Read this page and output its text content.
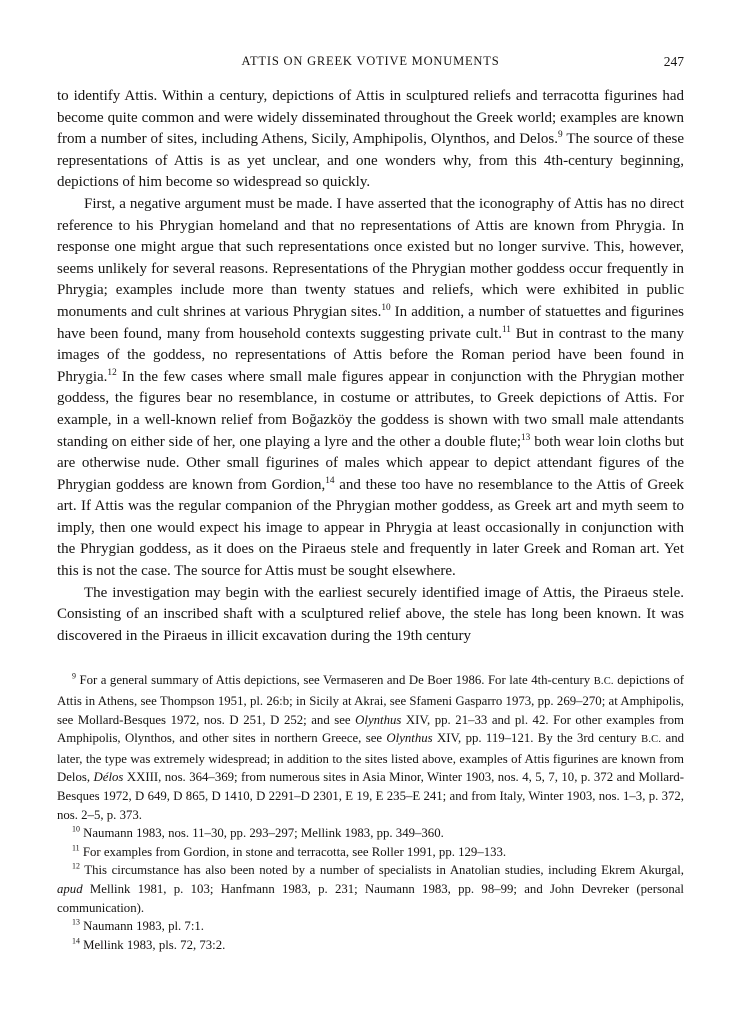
ATTIS ON GREEK VOTIVE MONUMENTS	247

to identify Attis. Within a century, depictions of Attis in sculptured reliefs and terracotta figurines had become quite common and were widely disseminated throughout the Greek world; examples are known from a number of sites, including Athens, Sicily, Amphipolis, Olynthos, and Delos.$^9$ The source of these representations of Attis is as yet unclear, and one wonders why, from this 4th-century beginning, depictions of him become so widespread so quickly.

First, a negative argument must be made. I have asserted that the iconography of Attis has no direct reference to his Phrygian homeland and that no representations of Attis are known from Phrygia. In response one might argue that such representations once existed but no longer survive. This, however, seems unlikely for several reasons. Representations of the Phrygian mother goddess occur frequently in Phrygia; examples include more than twenty statues and reliefs, which were exhibited in public monuments and cult shrines at various Phrygian sites.$^{10}$ In addition, a number of statuettes and figurines have been found, many from household contexts suggesting private cult.$^{11}$ But in contrast to the many images of the goddess, no representations of Attis before the Roman period have been found in Phrygia.$^{12}$ In the few cases where small male figures appear in conjunction with the Phrygian mother goddess, the figures bear no resemblance, in costume or attributes, to Greek depictions of Attis. For example, in a well-known relief from Boğazköy the goddess is shown with two small male attendants standing on either side of her, one playing a lyre and the other a double flute;$^{13}$ both wear loin cloths but are otherwise nude. Other small figurines of males which appear to depict attendant figures of the Phrygian goddess are known from Gordion,$^{14}$ and these too have no resemblance to the Attis of Greek art. If Attis was the regular companion of the Phrygian mother goddess, as Greek art and myth seem to imply, then one would expect his image to appear in Phrygia at least occasionally in conjunction with the Phrygian goddess, as it does on the Piraeus stele and frequently in later Greek and Roman art. Yet this is not the case. The source for Attis must be sought elsewhere.

The investigation may begin with the earliest securely identified image of Attis, the Piraeus stele. Consisting of an inscribed shaft with a sculptured relief above, the stele has long been known. It was discovered in the Piraeus in illicit excavation during the 19th century

$^9$ For a general summary of Attis depictions, see Vermaseren and De Boer 1986. For late 4th-century B.C. depictions of Attis in Athens, see Thompson 1951, pl. 26:b; in Sicily at Akrai, see Sfameni Gasparro 1973, pp. 269–270; at Amphipolis, see Mollard-Besques 1972, nos. D 251, D 252; and see Olynthus XIV, pp. 21–33 and pl. 42. For other examples from Amphipolis, Olynthos, and other sites in northern Greece, see Olynthus XIV, pp. 119–121. By the 3rd century B.C. and later, the type was extremely widespread; in addition to the sites listed above, examples of Attis figurines are known from Delos, Délos XXIII, nos. 364–369; from numerous sites in Asia Minor, Winter 1903, nos. 4, 5, 7, 10, p. 372 and Mollard-Besques 1972, D 649, D 865, D 1410, D 2291–D 2301, E 19, E 235–E 241; and from Italy, Winter 1903, nos. 1–3, p. 372, nos. 2–5, p. 373.

$^{10}$ Naumann 1983, nos. 11–30, pp. 293–297; Mellink 1983, pp. 349–360.

$^{11}$ For examples from Gordion, in stone and terracotta, see Roller 1991, pp. 129–133.

$^{12}$ This circumstance has also been noted by a number of specialists in Anatolian studies, including Ekrem Akurgal, apud Mellink 1981, p. 103; Hanfmann 1983, p. 231; Naumann 1983, pp. 98–99; and John Devreker (personal communication).

$^{13}$ Naumann 1983, pl. 7:1.

$^{14}$ Mellink 1983, pls. 72, 73:2.
